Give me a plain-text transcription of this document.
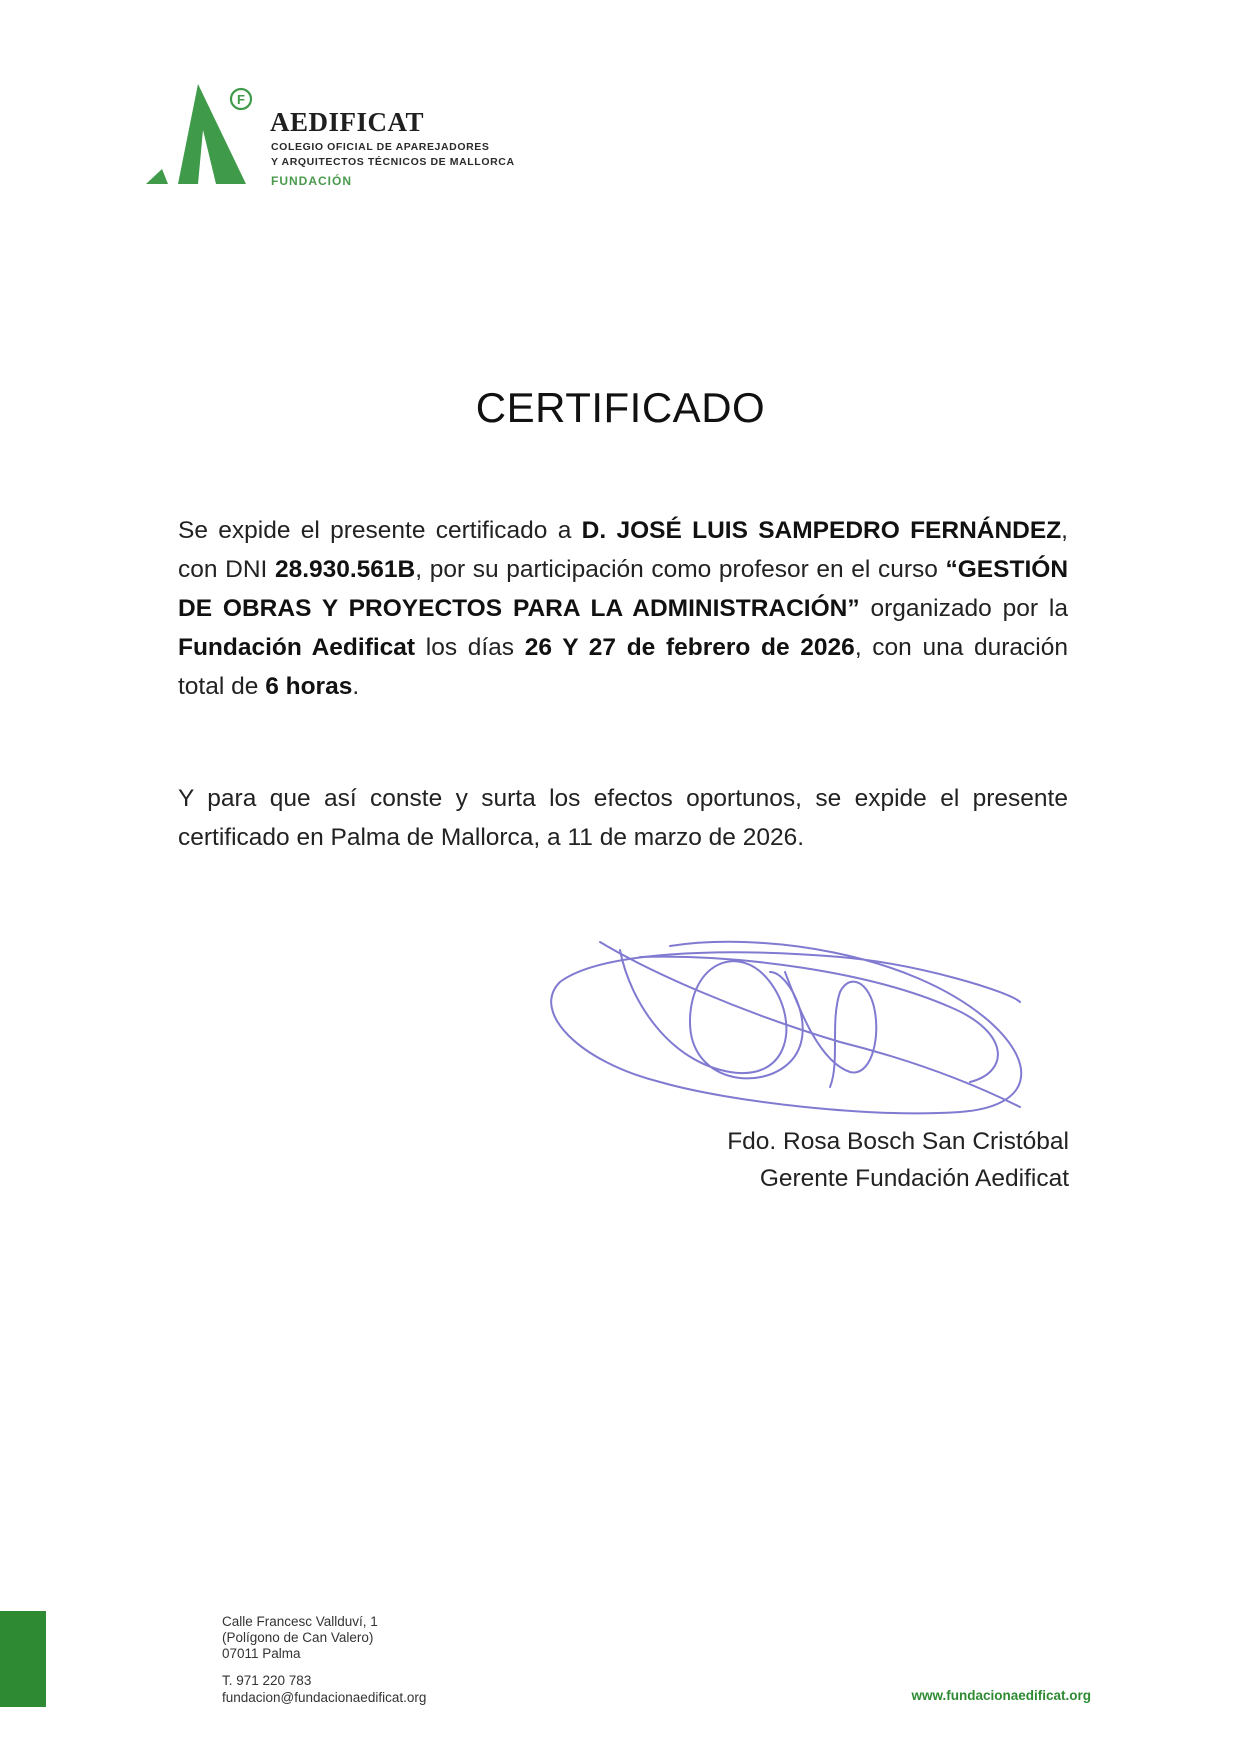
F
AEDIFICAT
COLEGIO OFICIAL DE APAREJADORES
Y ARQUITECTOS TÉCNICOS DE MALLORCA
FUNDACIÓN
CERTIFICADO

Se expide el presente certificado a D. JOSÉ LUIS SAMPEDRO FERNÁNDEZ, con DNI 28.930.561B, por su participación como profesor en el curso “GESTIÓN DE OBRAS Y PROYECTOS PARA LA ADMINISTRACIÓN” organizado por la Fundación Aedificat los días 26 Y 27 de febrero de 2026, con una duración total de 6 horas.

Y para que así conste y surta los efectos oportunos, se expide el presente certificado en Palma de Mallorca, a 11 de marzo de 2026.

Fdo. Rosa Bosch San Cristóbal
Gerente Fundación Aedificat
Calle Francesc Vallduví, 1
(Polígono de Can Valero)
07011 Palma
T. 971 220 783
fundacion@fundacionaedificat.org	www.fundacionaedificat.org
